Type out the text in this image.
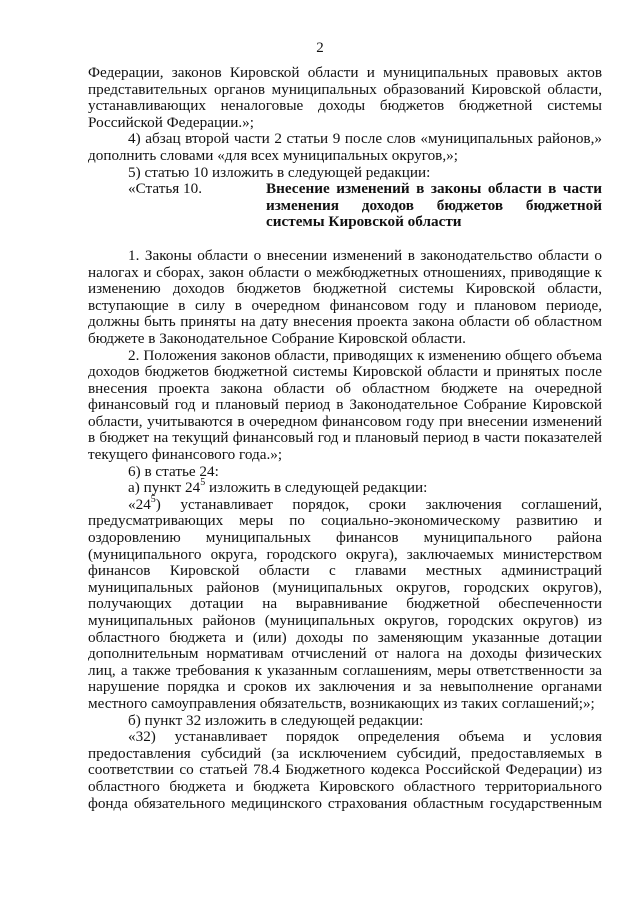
2

Федерации, законов Кировской области и муниципальных правовых актов представительных органов муниципальных образований Кировской области, устанавливающих неналоговые доходы бюджетов бюджетной системы Российской Федерации.»;

4) абзац второй части 2 статьи 9 после слов «муниципальных районов,» дополнить словами «для всех муниципальных округов,»;

5) статью 10 изложить в следующей редакции:

«Статья 10.	Внесение изменений в законы области в части изменения доходов бюджетов бюджетной системы Кировской области

1. Законы области о внесении изменений в законодательство области о налогах и сборах, закон области о межбюджетных отношениях, приводящие к изменению доходов бюджетов бюджетной системы Кировской области, вступающие в силу в очередном финансовом году и плановом периоде, должны быть приняты на дату внесения проекта закона области об областном бюджете в Законодательное Собрание Кировской области.

2. Положения законов области, приводящих к изменению общего объема доходов бюджетов бюджетной системы Кировской области и принятых после внесения проекта закона области об областном бюджете на очередной финансовый год и плановый период в Законодательное Собрание Кировской области, учитываются в очередном финансовом году при внесении изменений в бюджет на текущий финансовый год и плановый период в части показателей текущего финансового года.»;

6) в статье 24:

а) пункт $24^5$ изложить в следующей редакции:

«$24^5$) устанавливает порядок, сроки заключения соглашений, предусматривающих меры по социально-экономическому развитию и оздоровлению муниципальных финансов муниципального района (муниципального округа, городского округа), заключаемых министерством финансов Кировской области с главами местных администраций муниципальных районов (муниципальных округов, городских округов), получающих дотации на выравнивание бюджетной обеспеченности муниципальных районов (муниципальных округов, городских округов) из областного бюджета и (или) доходы по заменяющим указанные дотации дополнительным нормативам отчислений от налога на доходы физических лиц, а также требования к указанным соглашениям, меры ответственности за нарушение порядка и сроков их заключения и за невыполнение органами местного самоуправления обязательств, возникающих из таких соглашений;»;

б) пункт 32 изложить в следующей редакции:

«32) устанавливает порядок определения объема и условия предоставления субсидий (за исключением субсидий, предоставляемых в соответствии со статьей 78.4 Бюджетного кодекса Российской Федерации) из областного бюджета и бюджета Кировского областного территориального фонда обязательного медицинского страхования областным государственным
